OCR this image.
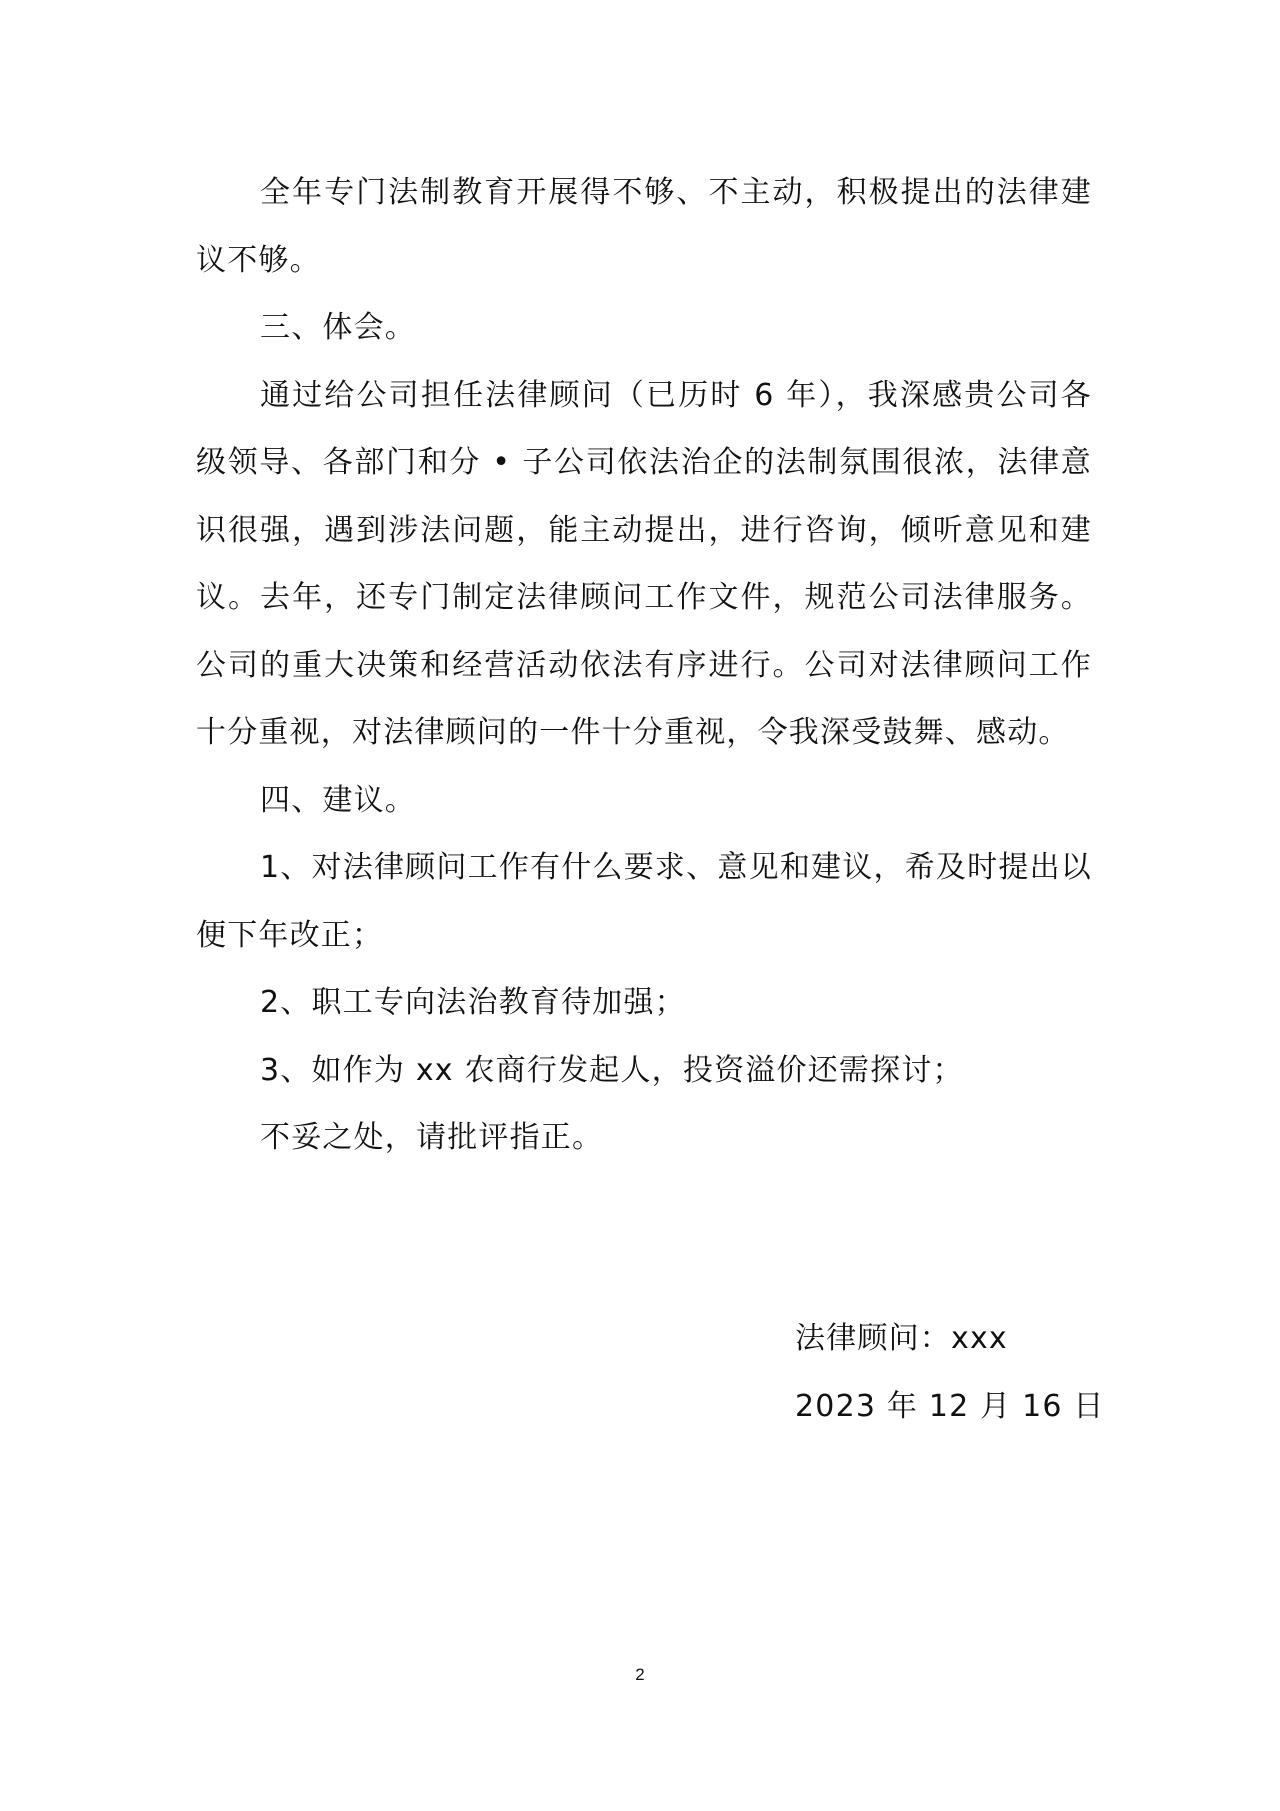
全年专门法制教育开展得不够、不主动，积极提出的法律建议不够。

三、体会。

通过给公司担任法律顾问（已历时 6 年），我深感贵公司各级领导、各部门和分 • 子公司依法治企的法制氛围很浓，法律意识很强，遇到涉法问题，能主动提出，进行咨询，倾听意见和建议。去年，还专门制定法律顾问工作文件，规范公司法律服务。公司的重大决策和经营活动依法有序进行。公司对法律顾问工作十分重视，对法律顾问的一件十分重视，令我深受鼓舞、感动。

四、建议。

1、对法律顾问工作有什么要求、意见和建议，希及时提出以便下年改正；

2、职工专向法治教育待加强；

3、如作为 xx 农商行发起人，投资溢价还需探讨；

不妥之处，请批评指正。

法律顾问：xxx

2023 年 12 月 16 日

2
